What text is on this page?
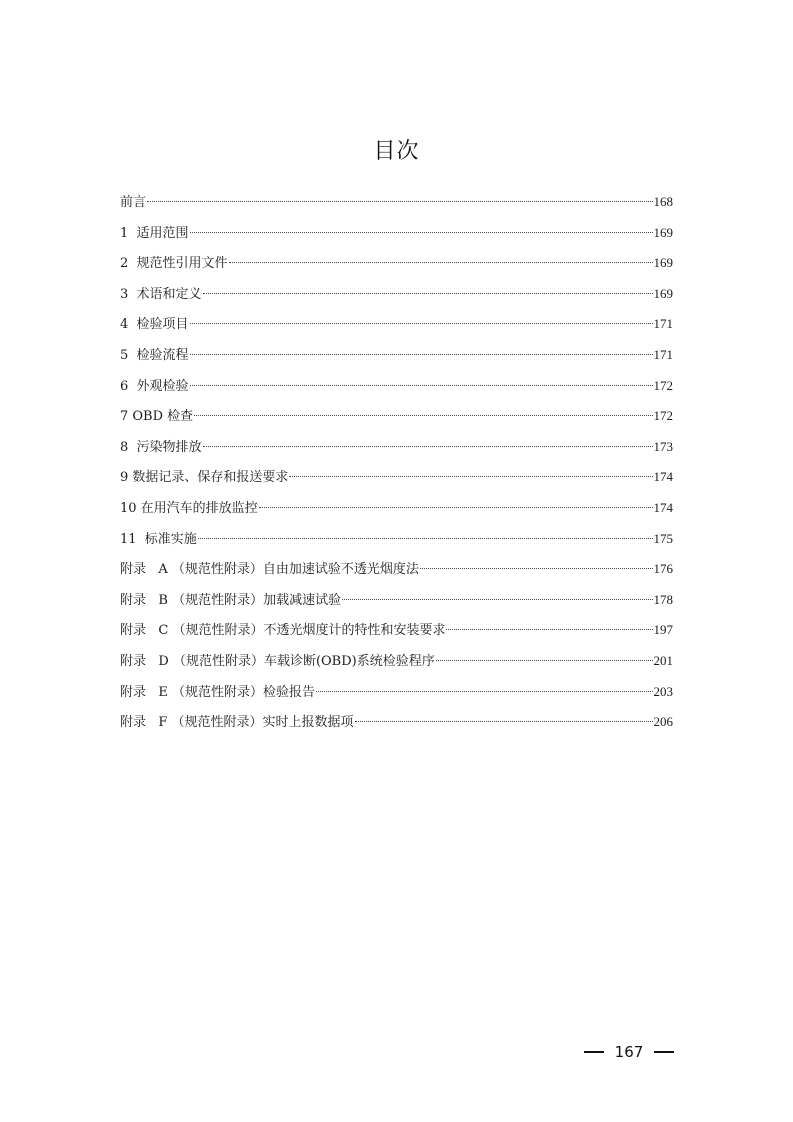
目次
前言	168
1  适用范围	169
2  规范性引用文件	169
3  术语和定义	169
4  检验项目	171
5  检验流程	171
6  外观检验	172
7 OBD 检查	172
8  污染物排放	173
9 数据记录、保存和报送要求	174
10 在用汽车的排放监控	174
11  标准实施	175
附录   A （规范性附录）自由加速试验不透光烟度法	176
附录   B （规范性附录）加载减速试验	178
附录   C （规范性附录）不透光烟度计的特性和安装要求	197
附录   D （规范性附录）车载诊断(OBD)系统检验程序	201
附录   E （规范性附录）检验报告	203
附录   F （规范性附录）实时上报数据项	206
167
